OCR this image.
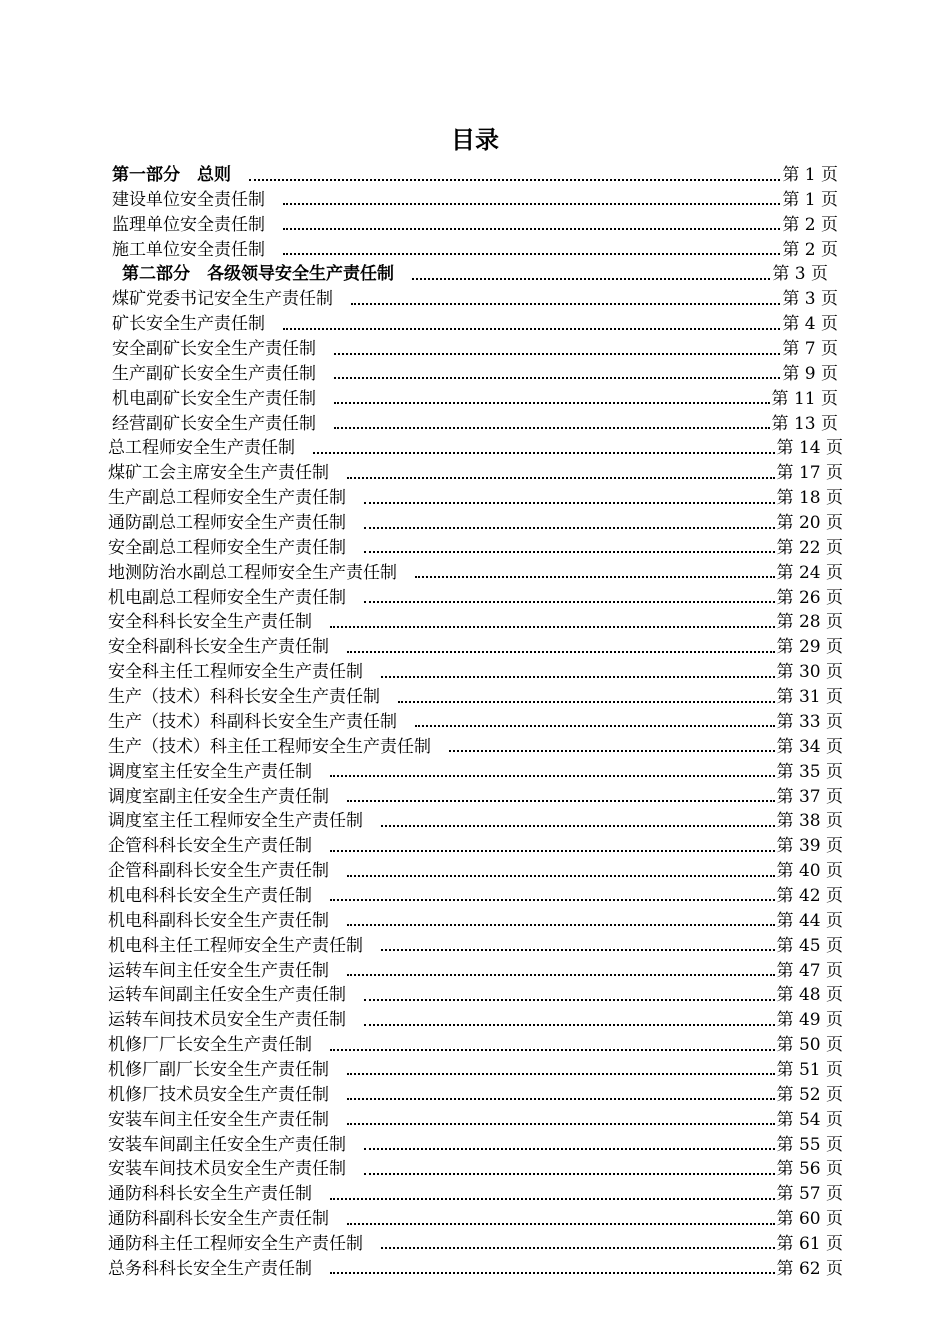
目录
第一部分　总则	第 1 页
建设单位安全责任制	第 1 页
监理单位安全责任制	第 2 页
施工单位安全责任制	第 2 页
第二部分　各级领导安全生产责任制	第 3 页
煤矿党委书记安全生产责任制	第 3 页
矿长安全生产责任制	第 4 页
安全副矿长安全生产责任制	第 7 页
生产副矿长安全生产责任制	第 9 页
机电副矿长安全生产责任制	第 11 页
经营副矿长安全生产责任制	第 13 页
总工程师安全生产责任制	第 14 页
煤矿工会主席安全生产责任制	第 17 页
生产副总工程师安全生产责任制	第 18 页
通防副总工程师安全生产责任制	第 20 页
安全副总工程师安全生产责任制	第 22 页
地测防治水副总工程师安全生产责任制	第 24 页
机电副总工程师安全生产责任制	第 26 页
安全科科长安全生产责任制	第 28 页
安全科副科长安全生产责任制	第 29 页
安全科主任工程师安全生产责任制	第 30 页
生产（技术）科科长安全生产责任制	第 31 页
生产（技术）科副科长安全生产责任制	第 33 页
生产（技术）科主任工程师安全生产责任制	第 34 页
调度室主任安全生产责任制	第 35 页
调度室副主任安全生产责任制	第 37 页
调度室主任工程师安全生产责任制	第 38 页
企管科科长安全生产责任制	第 39 页
企管科副科长安全生产责任制	第 40 页
机电科科长安全生产责任制	第 42 页
机电科副科长安全生产责任制	第 44 页
机电科主任工程师安全生产责任制	第 45 页
运转车间主任安全生产责任制	第 47 页
运转车间副主任安全生产责任制	第 48 页
运转车间技术员安全生产责任制	第 49 页
机修厂厂长安全生产责任制	第 50 页
机修厂副厂长安全生产责任制	第 51 页
机修厂技术员安全生产责任制	第 52 页
安装车间主任安全生产责任制	第 54 页
安装车间副主任安全生产责任制	第 55 页
安装车间技术员安全生产责任制	第 56 页
通防科科长安全生产责任制	第 57 页
通防科副科长安全生产责任制	第 60 页
通防科主任工程师安全生产责任制	第 61 页
总务科科长安全生产责任制	第 62 页
